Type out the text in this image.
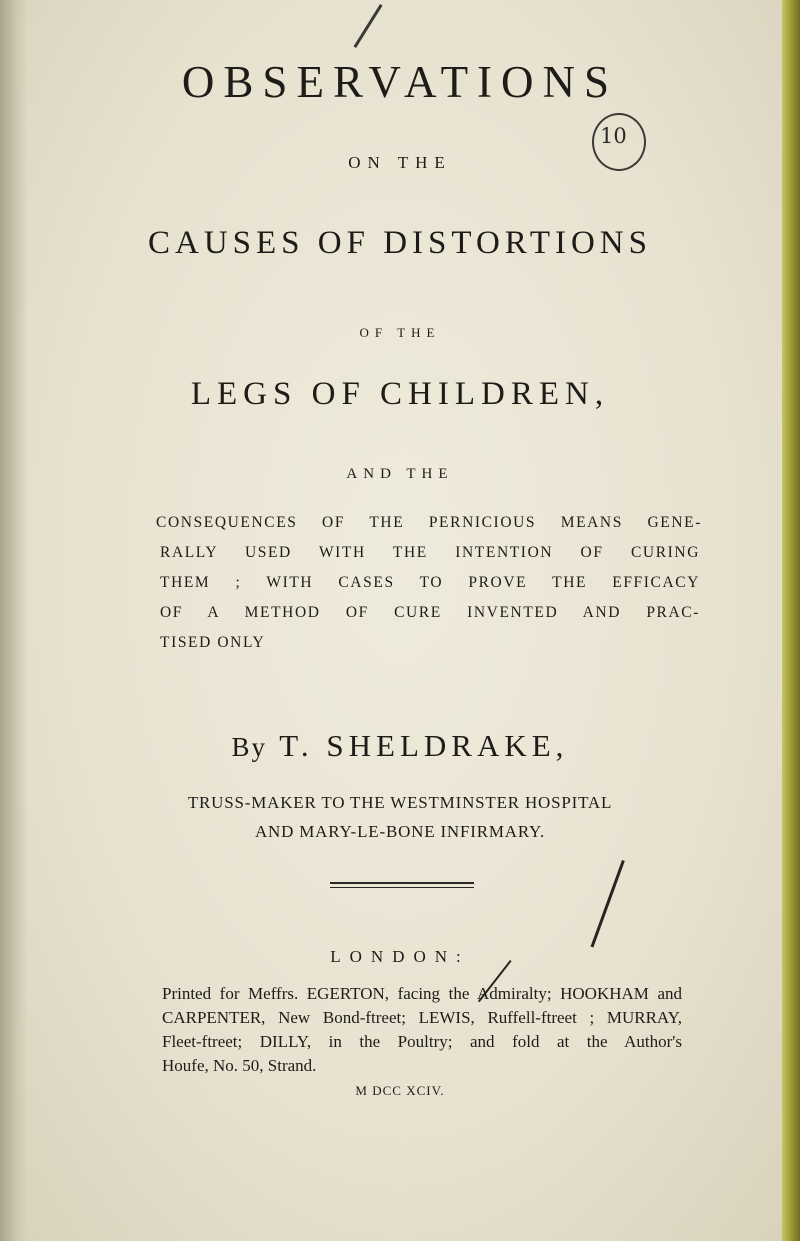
10
OBSERVATIONS
ON THE
CAUSES OF DISTORTIONS
OF THE
LEGS OF CHILDREN,
AND THE
CONSEQUENCES OF THE PERNICIOUS MEANS GENE-
RALLY USED WITH THE INTENTION OF CURING
THEM ; WITH CASES TO PROVE THE EFFICACY
OF A METHOD OF CURE INVENTED AND PRAC-
TISED ONLY
By T. SHELDRAKE,
TRUSS-MAKER TO THE WESTMINSTER HOSPITAL
AND MARY-LE-BONE INFIRMARY.
LONDON:
Printed for Meffrs. EGERTON, facing the Admiralty; HOOKHAM and
CARPENTER, New Bond-ftreet; LEWIS, Ruffell-ftreet ; MURRAY,
Fleet-ftreet; DILLY, in the Poultry; and fold at the Author's
Houfe, No. 50, Strand.
M DCC XCIV.
